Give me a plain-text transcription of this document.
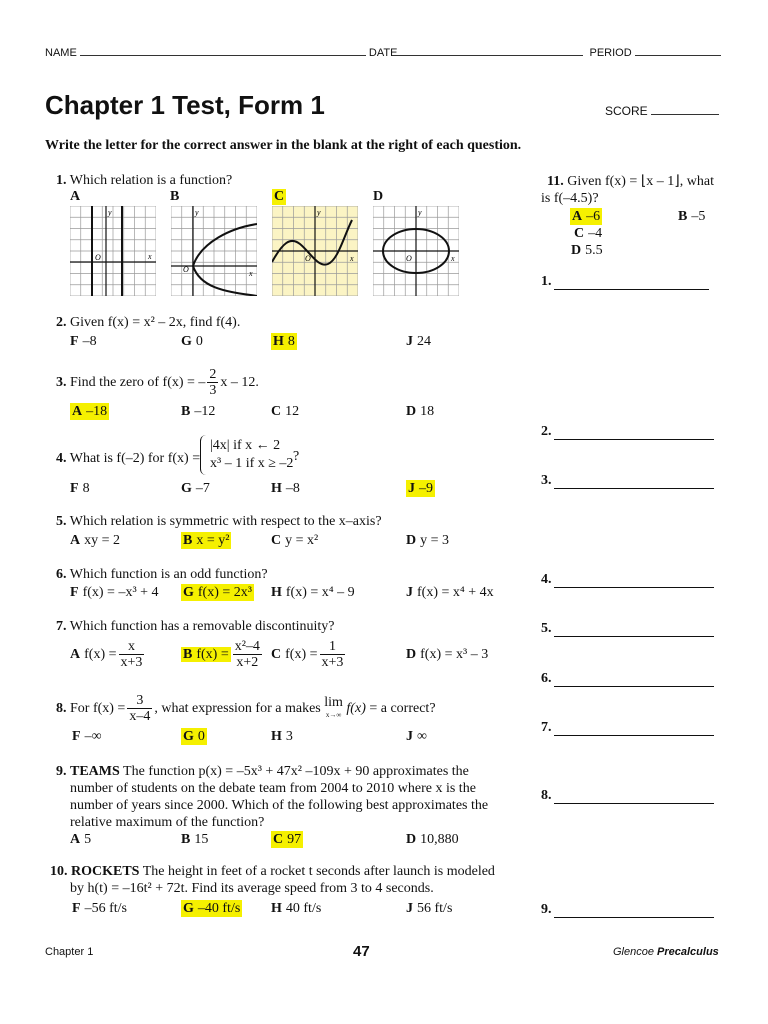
NAME	DATE	PERIOD
Chapter 1 Test, Form 1	SCORE
Write the letter for the correct answer in the blank at the right of each question.
1. Which relation is a function?
A	B	C	D
y
x
O
y
x
O
y
x
O
y
x
O
2. Given f(x) = x² – 2x, find f(4).
F –8	G 0	H 8	J 24
3. Find the zero of f(x) = – $\frac{2}{3}$ x – 12.
A –18	B –12	C 12	D 18
4. What is f(–2) for f(x) =
|4x| if x ← 2
x³ – 1 if x ≥ –2 ?
F 8	G –7	H –8	J –9
5. Which relation is symmetric with respect to the x–axis?
A xy = 2	B x = y²	C y = x²	D y = 3
6. Which function is an odd function?
F f(x) = –x³ + 4 G f(x) = 2x³ H f(x) = x⁴ – 9	J f(x) = x⁴ + 4x
7. Which function has a removable discontinuity?
A $f(x) = \frac{x}{x+3}$	B $f(x) = \frac{\text{x²–4}}{x+2}$ C $f(x) = \frac{1}{x+3}$	D f(x) = x³ – 3
8. For $f(x) = \frac{3}{x-4}$ , what expression for a makes lim
x→∞ f(x) = a correct?
F –∞	G 0	H 3	J ∞
9. TEAMS The function p(x) = –5x³ + 47x² –109x + 90 approximates the
number of students on the debate team from 2004 to 2010 where x is the
number of years since 2000. Which of the following best approximates the
relative maximum of the function?
A 5	B 15	C 97	D 10,880
10. ROCKETS The height in feet of a rocket t seconds after launch is modeled
by h(t) = –16t² + 72t. Find its average speed from 3 to 4 seconds.
F –56 ft/s	G –40 ft/s H 40 ft/s	J 56 ft/s
11. Given f(x) = ⌊x – 1⌋, what
is f(–4.5)?
A –6	B –5
C –4
D 5.5
1.
2.
3.
4.
5.
6.
7.
8.
9.
Chapter 1	47	Glencoe Precalculus
